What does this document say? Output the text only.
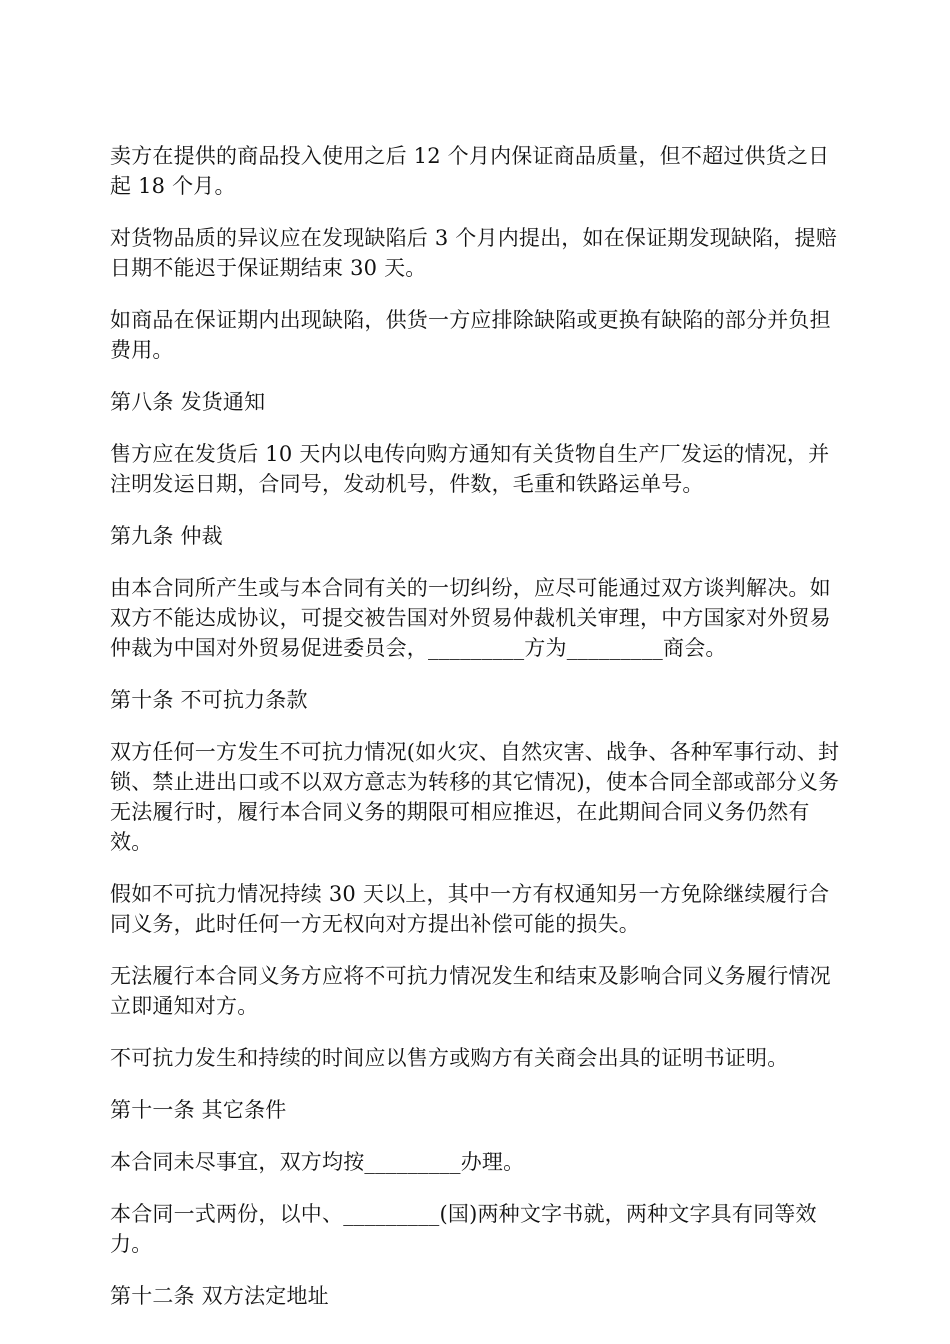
卖方在提供的商品投入使用之后 12 个月内保证商品质量，但不超过供货之日起 18 个月。

对货物品质的异议应在发现缺陷后 3 个月内提出，如在保证期发现缺陷，提赔日期不能迟于保证期结束 30 天。

如商品在保证期内出现缺陷，供货一方应排除缺陷或更换有缺陷的部分并负担费用。

第八条 发货通知

售方应在发货后 10 天内以电传向购方通知有关货物自生产厂发运的情况，并注明发运日期，合同号，发动机号，件数，毛重和铁路运单号。

第九条 仲裁

由本合同所产生或与本合同有关的一切纠纷，应尽可能通过双方谈判解决。如双方不能达成协议，可提交被告国对外贸易仲裁机关审理，中方国家对外贸易仲裁为中国对外贸易促进委员会，_________方为_________商会。

第十条 不可抗力条款

双方任何一方发生不可抗力情况(如火灾、自然灾害、战争、各种军事行动、封锁、禁止进出口或不以双方意志为转移的其它情况)，使本合同全部或部分义务无法履行时，履行本合同义务的期限可相应推迟，在此期间合同义务仍然有效。

假如不可抗力情况持续 30 天以上，其中一方有权通知另一方免除继续履行合同义务，此时任何一方无权向对方提出补偿可能的损失。

无法履行本合同义务方应将不可抗力情况发生和结束及影响合同义务履行情况立即通知对方。

不可抗力发生和持续的时间应以售方或购方有关商会出具的证明书证明。

第十一条 其它条件

本合同未尽事宜，双方均按_________办理。

本合同一式两份，以中、_________(国)两种文字书就，两种文字具有同等效力。

第十二条 双方法定地址
